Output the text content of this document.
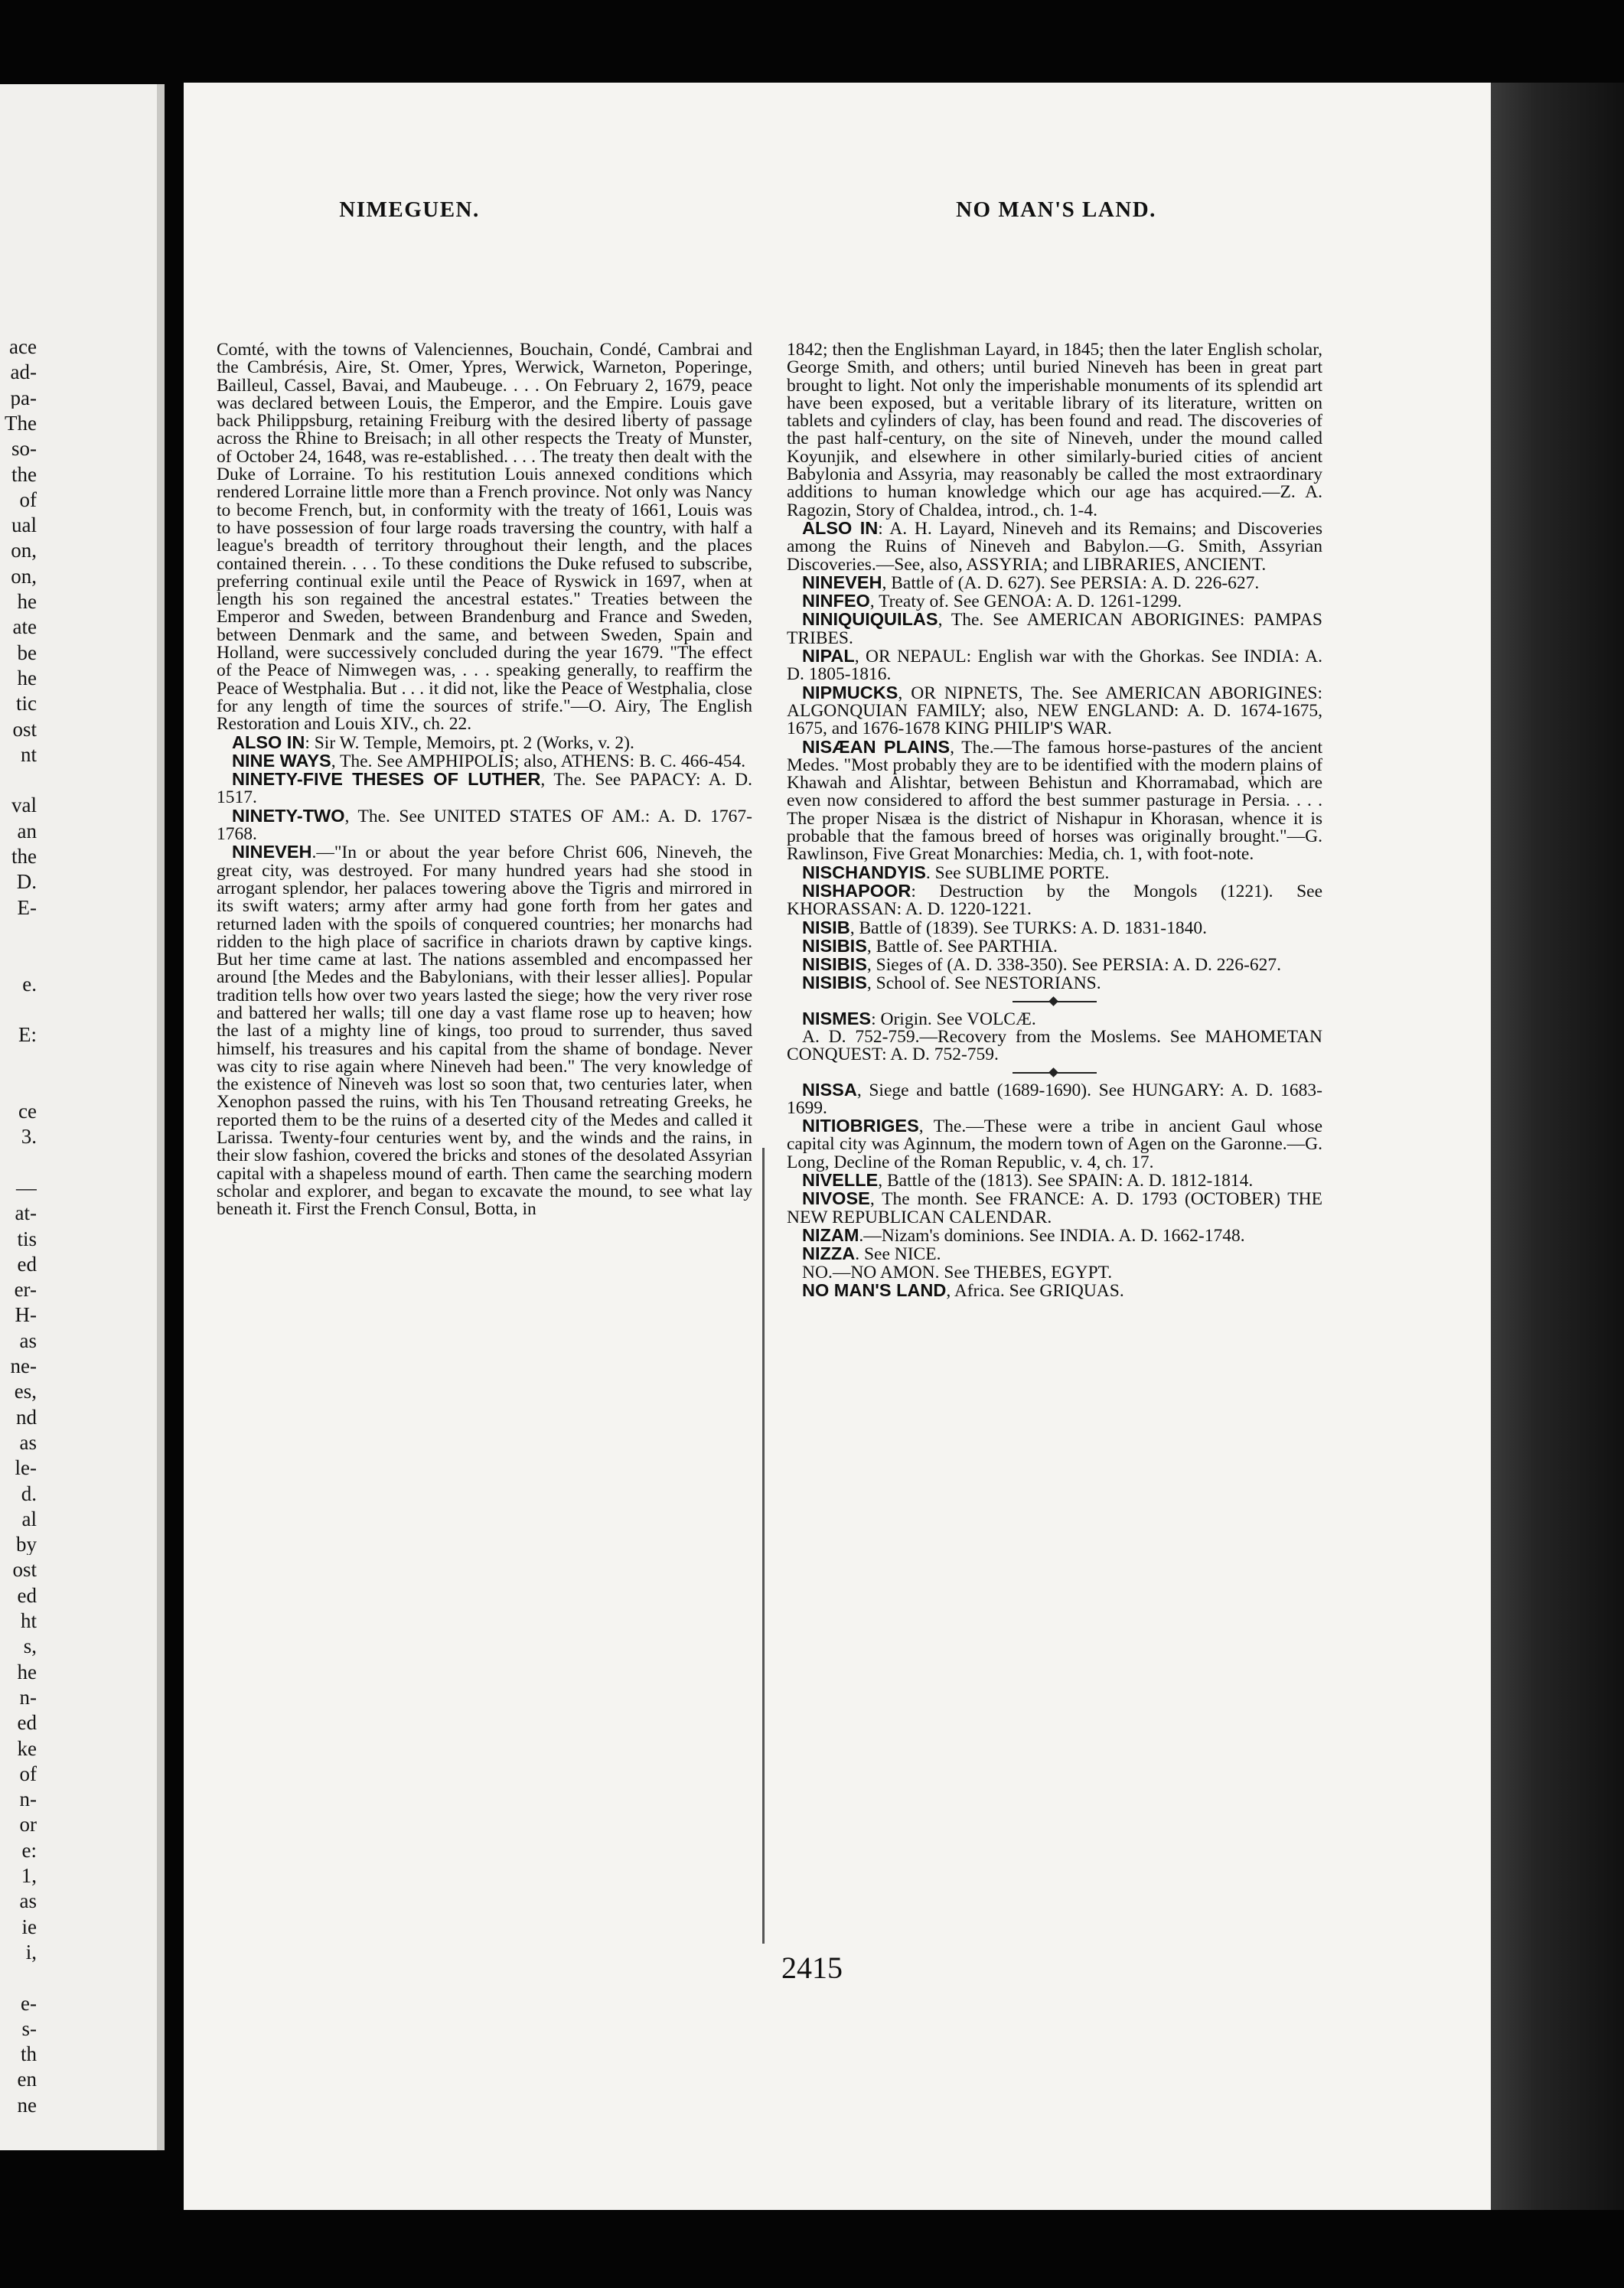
ace
ad-
pa-
The
so-
the
of
ual
on,
on,
he
ate
be
he
tic
ost
nt
val
an
the
D.
E-
e.
E:
ce
3.
—
at-
tis
ed
er-
H-
as
ne-
es,
nd
as
le-
d.
al
by
ost
ed
ht
s,
he
n-
ed
ke
of
n-
or
e:
1,
as
ie
i,
e-
s-
th
en
ne
NIMEGUEN.	NO MAN'S LAND.

Comté, with the towns of Valenciennes, Bouchain, Condé, Cambrai and the Cambrésis, Aire, St. Omer, Ypres, Werwick, Warneton, Poperinge, Bailleul, Cassel, Bavai, and Maubeuge. . . . On February 2, 1679, peace was declared between Louis, the Emperor, and the Empire. Louis gave back Philippsburg, retaining Freiburg with the desired liberty of passage across the Rhine to Breisach; in all other respects the Treaty of Munster, of October 24, 1648, was re-established. . . . The treaty then dealt with the Duke of Lorraine. To his restitution Louis annexed conditions which rendered Lorraine little more than a French province. Not only was Nancy to become French, but, in conformity with the treaty of 1661, Louis was to have possession of four large roads traversing the country, with half a league's breadth of territory throughout their length, and the places contained therein. . . . To these conditions the Duke refused to subscribe, preferring continual exile until the Peace of Ryswick in 1697, when at length his son regained the ancestral estates." Treaties between the Emperor and Sweden, between Brandenburg and France and Sweden, between Denmark and the same, and between Sweden, Spain and Holland, were successively concluded during the year 1679. "The effect of the Peace of Nimwegen was, . . . speaking generally, to reaffirm the Peace of Westphalia. But . . . it did not, like the Peace of Westphalia, close for any length of time the sources of strife."—O. Airy, The English Restoration and Louis XIV., ch. 22.

ALSO IN: Sir W. Temple, Memoirs, pt. 2 (Works, v. 2).

NINE WAYS, The. See AMPHIPOLIS; also, ATHENS: B. C. 466-454.

NINETY-FIVE THESES OF LUTHER, The. See PAPACY: A. D. 1517.

NINETY-TWO, The. See UNITED STATES OF AM.: A. D. 1767-1768.

NINEVEH.—"In or about the year before Christ 606, Nineveh, the great city, was destroyed. For many hundred years had she stood in arrogant splendor, her palaces towering above the Tigris and mirrored in its swift waters; army after army had gone forth from her gates and returned laden with the spoils of conquered countries; her monarchs had ridden to the high place of sacrifice in chariots drawn by captive kings. But her time came at last. The nations assembled and encompassed her around [the Medes and the Babylonians, with their lesser allies]. Popular tradition tells how over two years lasted the siege; how the very river rose and battered her walls; till one day a vast flame rose up to heaven; how the last of a mighty line of kings, too proud to surrender, thus saved himself, his treasures and his capital from the shame of bondage. Never was city to rise again where Nineveh had been." The very knowledge of the existence of Nineveh was lost so soon that, two centuries later, when Xenophon passed the ruins, with his Ten Thousand retreating Greeks, he reported them to be the ruins of a deserted city of the Medes and called it Larissa. Twenty-four centuries went by, and the winds and the rains, in their slow fashion, covered the bricks and stones of the desolated Assyrian capital with a shapeless mound of earth. Then came the searching modern scholar and explorer, and began to excavate the mound, to see what lay beneath it. First the French Consul, Botta, in

1842; then the Englishman Layard, in 1845; then the later English scholar, George Smith, and others; until buried Nineveh has been in great part brought to light. Not only the imperishable monuments of its splendid art have been exposed, but a veritable library of its literature, written on tablets and cylinders of clay, has been found and read. The discoveries of the past half-century, on the site of Nineveh, under the mound called Koyunjik, and elsewhere in other similarly-buried cities of ancient Babylonia and Assyria, may reasonably be called the most extraordinary additions to human knowledge which our age has acquired.—Z. A. Ragozin, Story of Chaldea, introd., ch. 1-4.

ALSO IN: A. H. Layard, Nineveh and its Remains; and Discoveries among the Ruins of Nineveh and Babylon.—G. Smith, Assyrian Discoveries.—See, also, ASSYRIA; and LIBRARIES, ANCIENT.

NINEVEH, Battle of (A. D. 627). See PERSIA: A. D. 226-627.

NINFEO, Treaty of. See GENOA: A. D. 1261-1299.

NINIQUIQUILAS, The. See AMERICAN ABORIGINES: PAMPAS TRIBES.

NIPAL, OR NEPAUL: English war with the Ghorkas. See INDIA: A. D. 1805-1816.

NIPMUCKS, OR NIPNETS, The. See AMERICAN ABORIGINES: ALGONQUIAN FAMILY; also, NEW ENGLAND: A. D. 1674-1675, 1675, and 1676-1678 KING PHILIP'S WAR.

NISÆAN PLAINS, The.—The famous horse-pastures of the ancient Medes. "Most probably they are to be identified with the modern plains of Khawah and Alishtar, between Behistun and Khorramabad, which are even now considered to afford the best summer pasturage in Persia. . . . The proper Nisæa is the district of Nishapur in Khorasan, whence it is probable that the famous breed of horses was originally brought."—G. Rawlinson, Five Great Monarchies: Media, ch. 1, with foot-note.

NISCHANDYIS. See SUBLIME PORTE.

NISHAPOOR: Destruction by the Mongols (1221). See KHORASSAN: A. D. 1220-1221.

NISIB, Battle of (1839). See TURKS: A. D. 1831-1840.

NISIBIS, Battle of. See PARTHIA.

NISIBIS, Sieges of (A. D. 338-350). See PERSIA: A. D. 226-627.

NISIBIS, School of. See NESTORIANS.

NISMES: Origin. See VOLCÆ.

A. D. 752-759.—Recovery from the Moslems. See MAHOMETAN CONQUEST: A. D. 752-759.

NISSA, Siege and battle (1689-1690). See HUNGARY: A. D. 1683-1699.

NITIOBRIGES, The.—These were a tribe in ancient Gaul whose capital city was Aginnum, the modern town of Agen on the Garonne.—G. Long, Decline of the Roman Republic, v. 4, ch. 17.

NIVELLE, Battle of the (1813). See SPAIN: A. D. 1812-1814.

NIVOSE, The month. See FRANCE: A. D. 1793 (OCTOBER) THE NEW REPUBLICAN CALENDAR.

NIZAM.—Nizam's dominions. See INDIA. A. D. 1662-1748.

NIZZA. See NICE.

NO.—NO AMON. See THEBES, EGYPT.

NO MAN'S LAND, Africa. See GRIQUAS.

2415
